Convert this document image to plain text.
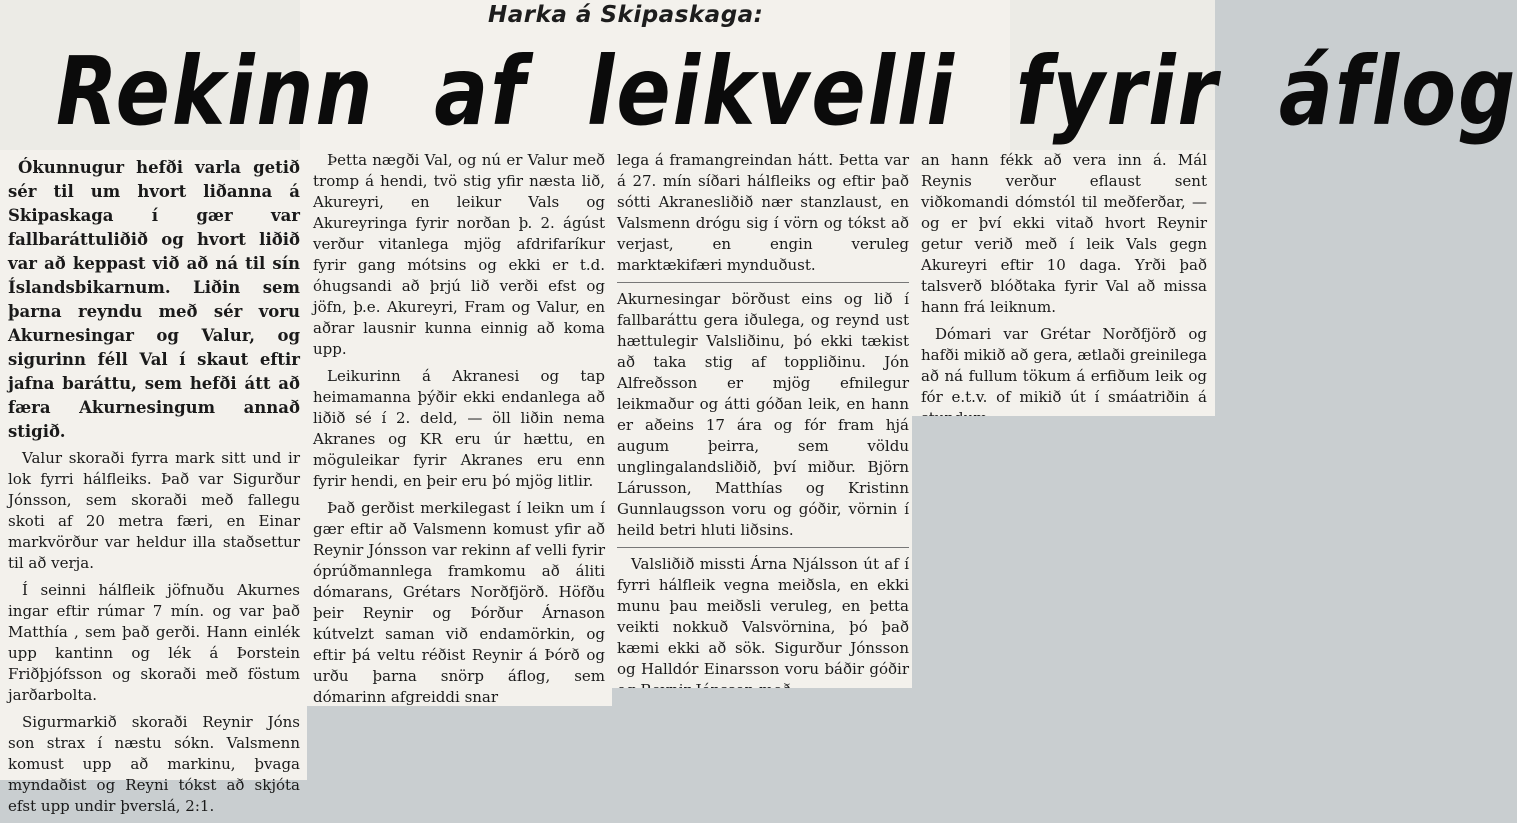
Harka á Skipaskaga:
Rekinn af leikvelli fyrir áflog

Ókunnugur hefði varla getið sér til um hvort liðanna á Skipaskaga í gær var fallbaráttuliðið og hvort liðið var að keppast við að ná til sín Íslandsbikarnum. Liðin sem þarna reyndu með sér voru Akurnesingar og Valur, og sigurinn féll Val í skaut eftir jafna baráttu, sem hefði átt að færa Akurnesingum annað stigið.

Valur skoraði fyrra mark sitt und ir lok fyrri hálfleiks. Það var Sigurður Jónsson, sem skoraði með fallegu skoti af 20 metra færi, en Einar markvörður var heldur illa staðsettur til að verja.

Í seinni hálfleik jöfnuðu Akurnes ingar eftir rúmar 7 mín. og var það Matthía , sem það gerði. Hann einlék upp kantinn og lék á Þorstein Friðþjófsson og skoraði með föstum jarðarbolta.

Sigurmarkið skoraði Reynir Jóns son strax í næstu sókn. Valsmenn komust upp að markinu, þvaga myndaðist og Reyni tókst að skjóta efst upp undir þverslá, 2:1.

Þetta nægði Val, og nú er Valur með tromp á hendi, tvö stig yfir næsta lið, Akureyri, en leikur Vals og Akureyringa fyrir norðan þ. 2. ágúst verður vitanlega mjög afdrifaríkur fyrir gang mótsins og ekki er t.d. óhugsandi að þrjú lið verði efst og jöfn, þ.e. Akureyri, Fram og Valur, en aðrar lausnir kunna einnig að koma upp.

Leikurinn á Akranesi og tap heimamanna þýðir ekki endanlega að liðið sé í 2. deld, — öll liðin nema Akranes og KR eru úr hættu, en möguleikar fyrir Akranes eru enn fyrir hendi, en þeir eru þó mjög litlir.

Það gerðist merkilegast í leikn um í gær eftir að Valsmenn komust yfir að Reynir Jónsson var rekinn af velli fyrir óprúðmannlega framkomu að áliti dómarans, Grétars Norðfjörð. Höfðu þeir Reynir og Þórður Árnason kútvelzt saman við endamörkin, og eftir þá veltu réðist Reynir á Þórð og urðu þarna snörp áflog, sem dómarinn afgreiddi snar

lega á framangreindan hátt. Þetta var á 27. mín síðari hálfleiks og eftir það sótti Akranesliðið nær stanzlaust, en Valsmenn drógu sig í vörn og tókst að verjast, en engin veruleg marktækifæri mynduðust.

Akurnesingar börðust eins og lið í fallbaráttu gera iðulega, og reynd ust hættulegir Valsliðinu, þó ekki tækist að taka stig af toppliðinu. Jón Alfreðsson er mjög efnilegur leikmaður og átti góðan leik, en hann er aðeins 17 ára og fór fram hjá augum þeirra, sem völdu unglingalandsliðið, því miður. Björn Lárusson, Matthías og Kristinn Gunnlaugsson voru og góðir, vörnin í heild betri hluti liðsins.

Valsliðið missti Árna Njálsson út af í fyrri hálfleik vegna meiðsla, en ekki munu þau meiðsli veruleg, en þetta veikti nokkuð Valsvörnina, þó það kæmi ekki að sök. Sigurður Jónsson og Halldór Einarsson voru báðir góðir

an hann fékk að vera inn á. Mál Reynis verður eflaust sent viðkomandi dómstól til meðferðar, — og er því ekki vitað hvort Reynir getur verið með í leik Vals gegn Akureyri eftir 10 daga. Yrði það talsverð blóðtaka fyrir Val að missa hann frá leiknum.

Dómari var Grétar Norðfjörð og hafði mikið að gera, ætlaði greinilega að ná fullum tökum á erfiðum leik og fór e.t.v. of mikið út í smáatriðin á
